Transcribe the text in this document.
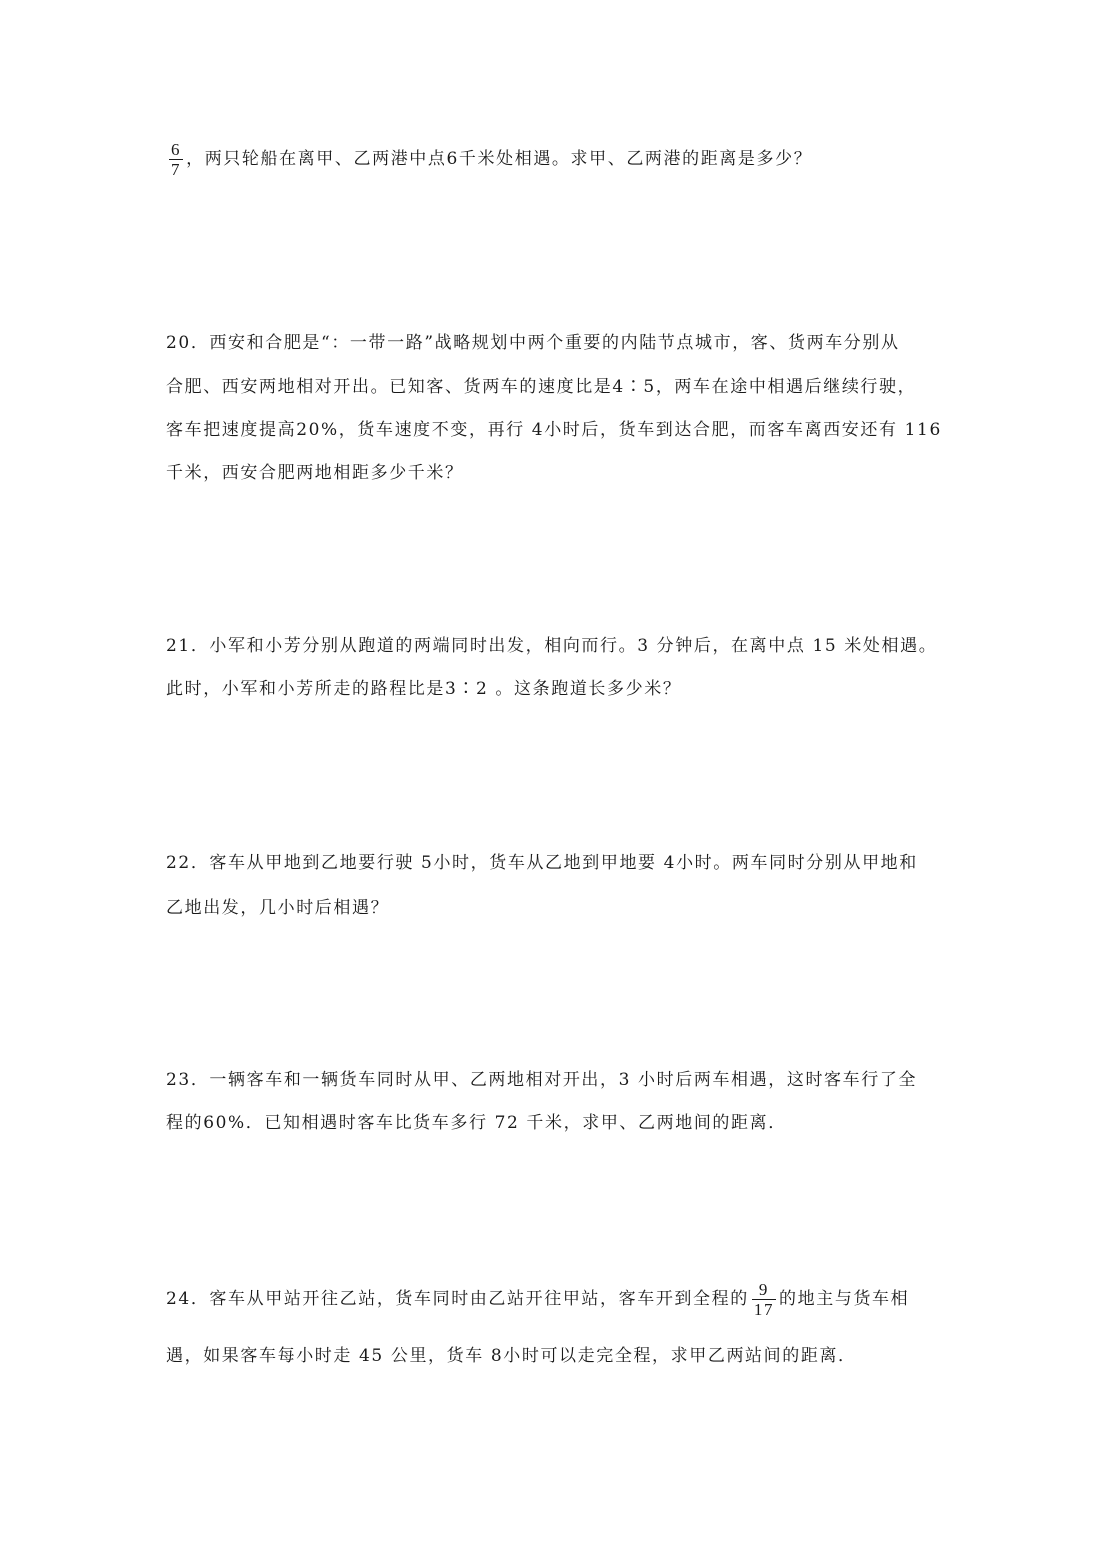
$\frac{6}{7}$ ，两只轮船在离甲、乙两港中点6千米处相遇。求甲、乙两港的距离是多少？
20．西安和合肥是“：一带一路”战略规划中两个重要的内陆节点城市，客、货两车分别从
合肥、西安两地相对开出。已知客、货两车的速度比是4∶5，两车在途中相遇后继续行驶，
客车把速度提高20%，货车速度不变，再行 4小时后，货车到达合肥，而客车离西安还有 116
千米，西安合肥两地相距多少千米？
21．小军和小芳分别从跑道的两端同时出发，相向而行。3 分钟后，在离中点 15 米处相遇。
此时，小军和小芳所走的路程比是3∶2 。这条跑道长多少米？
22．客车从甲地到乙地要行驶 5小时，货车从乙地到甲地要 4小时。两车同时分别从甲地和
乙地出发，几小时后相遇？
23．一辆客车和一辆货车同时从甲、乙两地相对开出，3 小时后两车相遇，这时客车行了全
程的60%．已知相遇时客车比货车多行 72 千米，求甲、乙两地间的距离．
24．客车从甲站开往乙站，货车同时由乙站开往甲站，客车开到全程的 $\frac{9}{17}$ 的地主与货车相
遇，如果客车每小时走 45 公里，货车 8小时可以走完全程，求甲乙两站间的距离．
